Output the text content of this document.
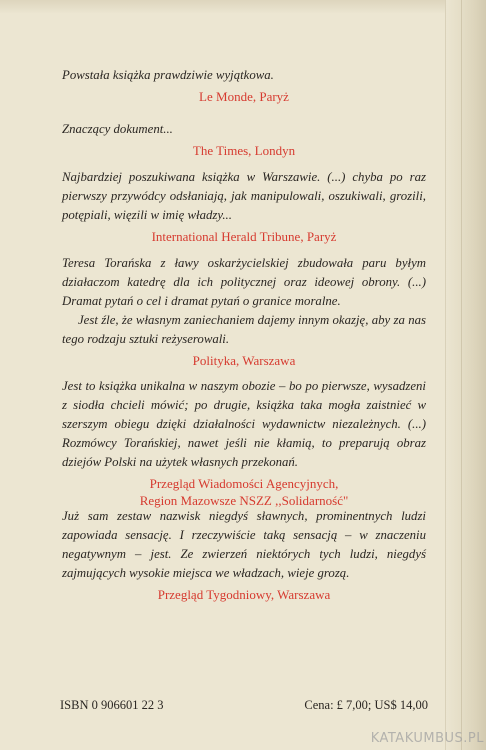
Powstała książka prawdziwie wyjątkowa.

Le Monde, Paryż

Znaczący dokument...

The Times, Londyn

Najbardziej poszukiwana książka w Warszawie. (...) chyba po raz pierwszy przywódcy odsłaniają, jak manipulowali, oszukiwali, grozili, potępiali, więzili w imię władzy...

International Herald Tribune, Paryż

Teresa Torańska z ławy oskarżycielskiej zbudowała paru byłym działaczom katedrę dla ich politycznej oraz ideowej obrony. (...) Dramat pytań o cel i dramat pytań o granice moralne.
Jest źle, że własnym zaniechaniem dajemy innym okazję, aby za nas tego rodzaju sztuki reżyserowali.

Polityka, Warszawa

Jest to książka unikalna w naszym obozie – bo po pierwsze, wysadzeni z siodła chcieli mówić; po drugie, książka taka mogła zaistnieć w szerszym obiegu dzięki działalności wydawnictw niezależnych. (...) Rozmówcy Torańskiej, nawet jeśli nie kłamią, to preparują obraz dziejów Polski na użytek własnych przekonań.

Przegląd Wiadomości Agencyjnych,
Region Mazowsze NSZZ ,,Solidarność"

Już sam zestaw nazwisk niegdyś sławnych, prominentnych ludzi zapowiada sensację. I rzeczywiście taką sensacją – w znaczeniu negatywnym – jest. Ze zwierzeń niektórych tych ludzi, niegdyś zajmujących wysokie miejsca we władzach, wieje grozą.

Przegląd Tygodniowy, Warszawa

ISBN 0 906601 22 3	Cena: £ 7,00; US$ 14,00
KATAKUMBUS.PL
